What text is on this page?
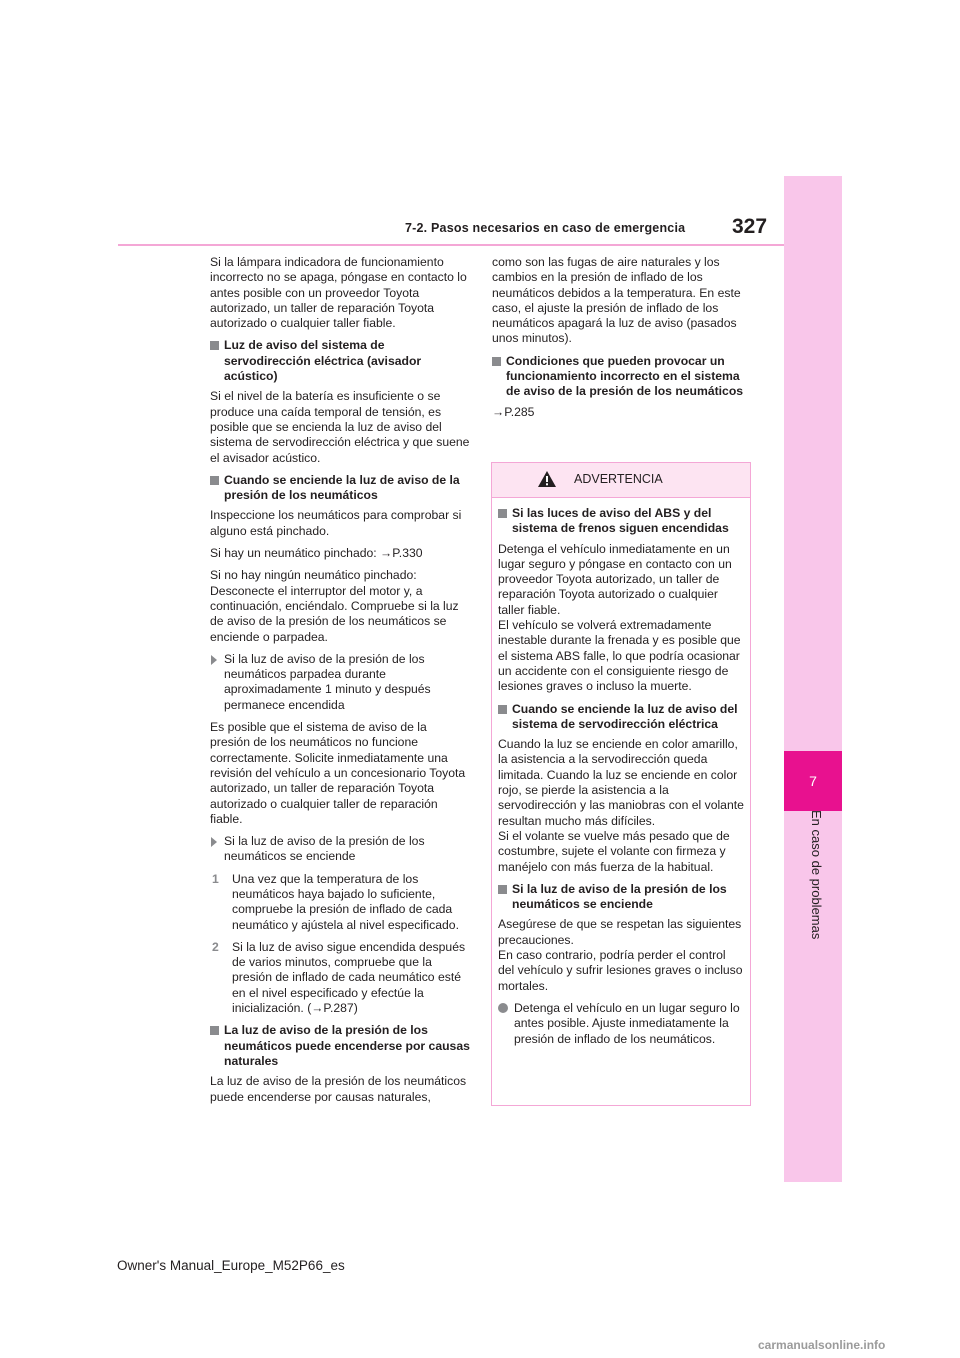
7
En caso de problemas
7-2. Pasos necesarios en caso de emergencia 327

Si la lámpara indicadora de funcionamiento incorrecto no se apaga, póngase en contacto lo antes posible con un proveedor Toyota autorizado, un taller de reparación Toyota autorizado o cualquier taller fiable.

Luz de aviso del sistema de servodirección eléctrica (avisador acústico)

Si el nivel de la batería es insuficiente o se produce una caída temporal de tensión, es posible que se encienda la luz de aviso del sistema de servodirección eléctrica y que suene el avisador acústico.

Cuando se enciende la luz de aviso de la presión de los neumáticos

Inspeccione los neumáticos para comprobar si alguno está pinchado.

Si hay un neumático pinchado: →P.330

Si no hay ningún neumático pinchado: Desconecte el interruptor del motor y, a continuación, enciéndalo. Compruebe si la luz de aviso de la presión de los neumáticos se enciende o parpadea.

Si la luz de aviso de la presión de los neumáticos parpadea durante aproximadamente 1 minuto y después permanece encendida

Es posible que el sistema de aviso de la presión de los neumáticos no funcione correctamente. Solicite inmediatamente una revisión del vehículo a un concesionario Toyota autorizado, un taller de reparación Toyota autorizado o cualquier taller de reparación fiable.

Si la luz de aviso de la presión de los neumáticos se enciende
1 Una vez que la temperatura de los neumáticos haya bajado lo suficiente, compruebe la presión de inflado de cada neumático y ajústela al nivel especificado.
2 Si la luz de aviso sigue encendida después de varios minutos, compruebe que la presión de inflado de cada neumático esté en el nivel especificado y efectúe la inicialización. (→P.287)
La luz de aviso de la presión de los neumáticos puede encenderse por causas naturales

La luz de aviso de la presión de los neumáticos puede encenderse por causas naturales,

como son las fugas de aire naturales y los cambios en la presión de inflado de los neumáticos debidos a la temperatura. En este caso, el ajuste la presión de inflado de los neumáticos apagará la luz de aviso (pasados unos minutos).

Condiciones que pueden provocar un funcionamiento incorrecto en el sistema de aviso de la presión de los neumáticos

→P.285

ADVERTENCIA
Si las luces de aviso del ABS y del sistema de frenos siguen encendidas

Detenga el vehículo inmediatamente en un lugar seguro y póngase en contacto con un proveedor Toyota autorizado, un taller de reparación Toyota autorizado o cualquier taller fiable.
El vehículo se volverá extremadamente inestable durante la frenada y es posible que el sistema ABS falle, lo que podría ocasionar un accidente con el consiguiente riesgo de lesiones graves o incluso la muerte.

Cuando se enciende la luz de aviso del sistema de servodirección eléctrica

Cuando la luz se enciende en color amarillo, la asistencia a la servodirección queda limitada. Cuando la luz se enciende en color rojo, se pierde la asistencia a la servodirección y las maniobras con el volante resultan mucho más difíciles.
Si el volante se vuelve más pesado que de costumbre, sujete el volante con firmeza y manéjelo con más fuerza de la habitual.

Si la luz de aviso de la presión de los neumáticos se enciende

Asegúrese de que se respetan las siguientes precauciones.
En caso contrario, podría perder el control del vehículo y sufrir lesiones graves o incluso mortales.

Detenga el vehículo en un lugar seguro lo antes posible. Ajuste inmediatamente la presión de inflado de los neumáticos.
Owner's Manual_Europe_M52P66_es
carmanualsonline.info
